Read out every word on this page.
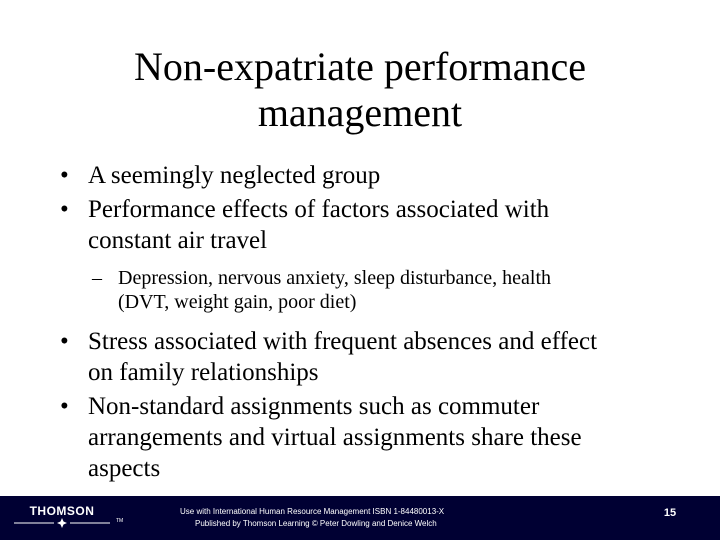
Non-expatriate performance
management
• A seemingly neglected group
• Performance effects of factors associated with
constant air travel
– Depression, nervous anxiety, sleep disturbance, health
(DVT, weight gain, poor diet)
• Stress associated with frequent absences and effect
on family relationships
• Non-standard assignments such as commuter
arrangements and virtual assignments share these
aspects
THOMSON
TM
Use with International Human Resource Management ISBN 1-84480013-X
Published by Thomson Learning © Peter Dowling and Denice Welch
15
